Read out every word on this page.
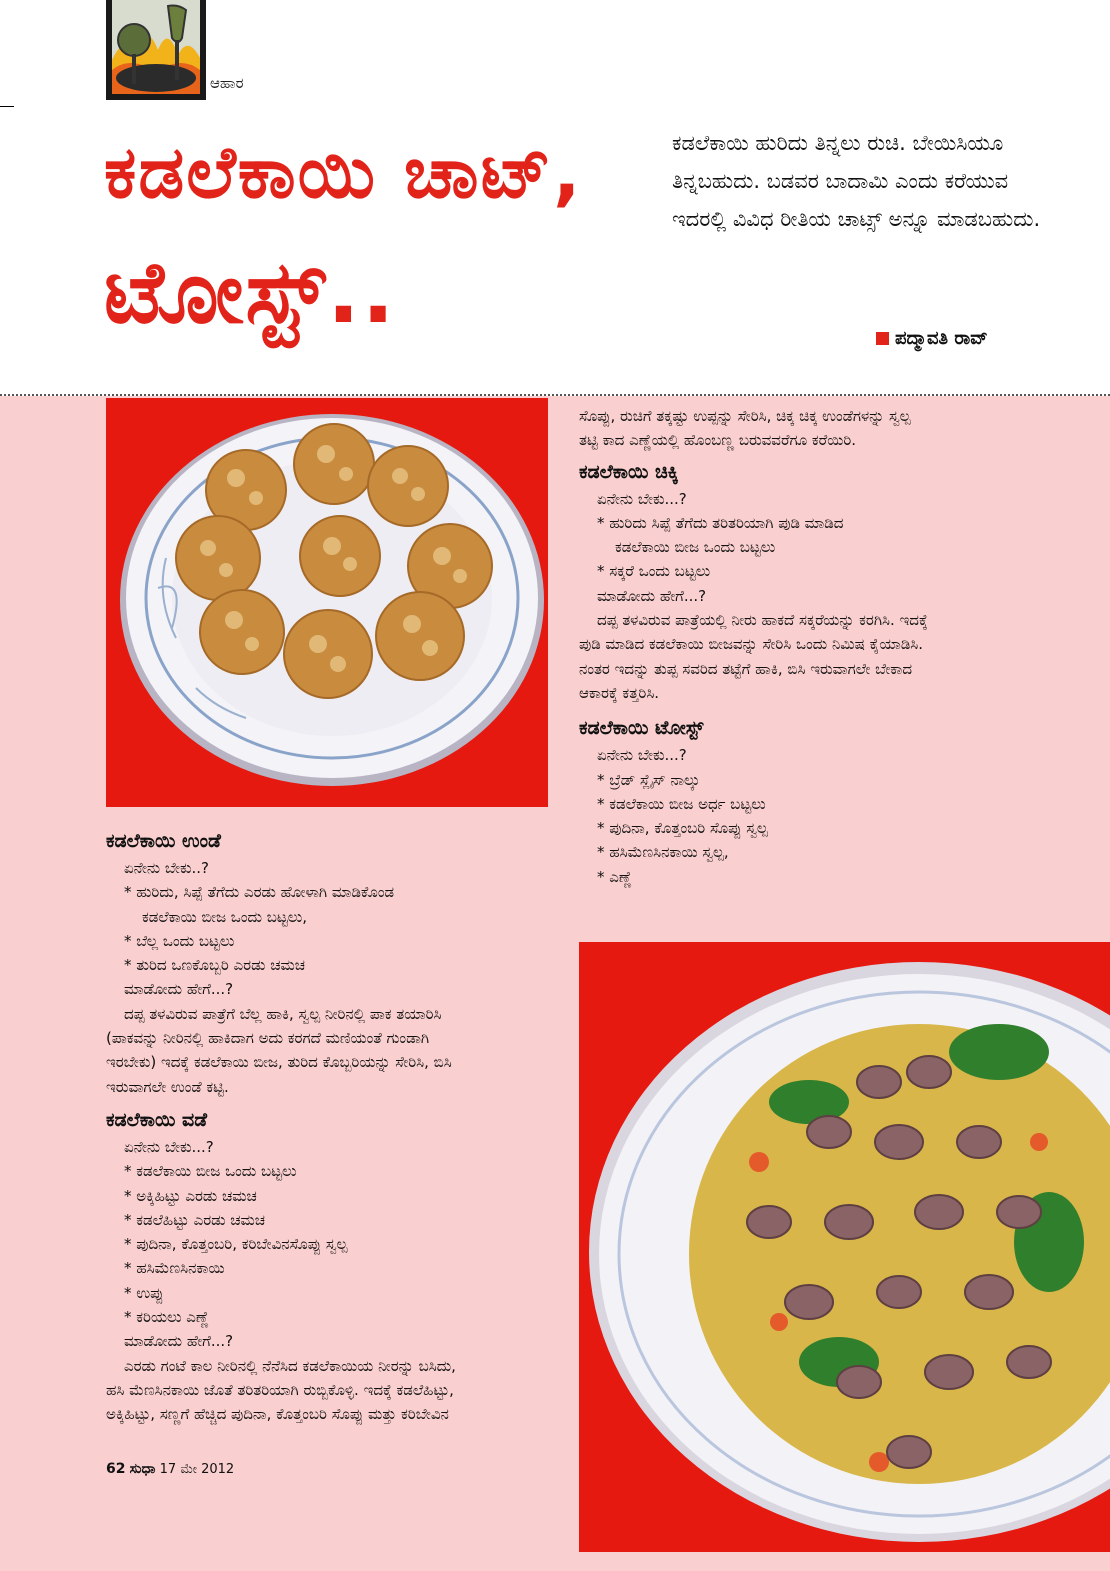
ಆಹಾರ
ಕಡಲೆಕಾಯಿ ಚಾಟ್,
ಟೋಸ್ಟ್..
ಕಡಲೆಕಾಯಿ ಹುರಿದು ತಿನ್ನಲು ರುಚಿ. ಬೇಯಿಸಿಯೂ ತಿನ್ನಬಹುದು. ಬಡವರ ಬಾದಾಮಿ ಎಂದು ಕರೆಯುವ ಇದರಲ್ಲಿ ವಿವಿಧ ರೀತಿಯ ಚಾಟ್ಸ್ ಅನ್ನೂ ಮಾಡಬಹುದು.
ಪದ್ಮಾವತಿ ರಾವ್
ಸೊಪ್ಪು, ರುಚಿಗೆ ತಕ್ಕಷ್ಟು ಉಪ್ಪನ್ನು ಸೇರಿಸಿ, ಚಿಕ್ಕ ಚಿಕ್ಕ ಉಂಡೆಗಳನ್ನು ಸ್ವಲ್ಪ
ತಟ್ಟಿ ಕಾದ ಎಣ್ಣೆಯಲ್ಲಿ ಹೊಂಬಣ್ಣ ಬರುವವರೆಗೂ ಕರೆಯಿರಿ.
ಕಡಲೆಕಾಯಿ ಚಿಕ್ಕಿ
ಏನೇನು ಬೇಕು...?
* ಹುರಿದು ಸಿಪ್ಪೆ ತೆಗೆದು ತರಿತರಿಯಾಗಿ ಪುಡಿ ಮಾಡಿದ
ಕಡಲೆಕಾಯಿ ಬೀಜ ಒಂದು ಬಟ್ಟಲು
* ಸಕ್ಕರೆ ಒಂದು ಬಟ್ಟಲು
ಮಾಡೋದು ಹೇಗೆ...?
ದಪ್ಪ ತಳವಿರುವ ಪಾತ್ರೆಯಲ್ಲಿ ನೀರು ಹಾಕದೆ ಸಕ್ಕರೆಯನ್ನು ಕರಗಿಸಿ. ಇದಕ್ಕೆ
ಪುಡಿ ಮಾಡಿದ ಕಡಲೆಕಾಯಿ ಬೀಜವನ್ನು ಸೇರಿಸಿ ಒಂದು ನಿಮಿಷ ಕೈಯಾಡಿಸಿ.
ನಂತರ ಇದನ್ನು ತುಪ್ಪ ಸವರಿದ ತಟ್ಟೆಗೆ ಹಾಕಿ, ಬಿಸಿ ಇರುವಾಗಲೇ ಬೇಕಾದ
ಆಕಾರಕ್ಕೆ ಕತ್ತರಿಸಿ.
ಕಡಲೆಕಾಯಿ ಟೋಸ್ಟ್
ಏನೇನು ಬೇಕು...?
* ಬ್ರೆಡ್ ಸ್ಲೈಸ್ ನಾಲ್ಕು
* ಕಡಲೆಕಾಯಿ ಬೀಜ ಅರ್ಧ ಬಟ್ಟಲು
* ಪುದಿನಾ, ಕೊತ್ತಂಬರಿ ಸೊಪ್ಪು ಸ್ವಲ್ಪ
* ಹಸಿಮೆಣಸಿನಕಾಯಿ ಸ್ವಲ್ಪ,
* ಎಣ್ಣೆ
ಕಡಲೆಕಾಯಿ ಉಂಡೆ
ಏನೇನು ಬೇಕು..?
* ಹುರಿದು, ಸಿಪ್ಪೆ ತೆಗೆದು ಎರಡು ಹೋಳಾಗಿ ಮಾಡಿಕೊಂಡ
ಕಡಲೆಕಾಯಿ ಬೀಜ ಒಂದು ಬಟ್ಟಲು,
* ಬೆಲ್ಲ ಒಂದು ಬಟ್ಟಲು
* ತುರಿದ ಒಣಕೊಬ್ಬರಿ ಎರಡು ಚಮಚ
ಮಾಡೋದು ಹೇಗೆ...?
ದಪ್ಪ ತಳವಿರುವ ಪಾತ್ರೆಗೆ ಬೆಲ್ಲ ಹಾಕಿ, ಸ್ವಲ್ಪ ನೀರಿನಲ್ಲಿ ಪಾಕ ತಯಾರಿಸಿ
(ಪಾಕವನ್ನು ನೀರಿನಲ್ಲಿ ಹಾಕಿದಾಗ ಅದು ಕರಗದೆ ಮಣಿಯಂತೆ ಗುಂಡಾಗಿ
ಇರಬೇಕು) ಇದಕ್ಕೆ ಕಡಲೆಕಾಯಿ ಬೀಜ, ತುರಿದ ಕೊಬ್ಬರಿಯನ್ನು ಸೇರಿಸಿ, ಬಿಸಿ
ಇರುವಾಗಲೇ ಉಂಡೆ ಕಟ್ಟಿ.
ಕಡಲೆಕಾಯಿ ವಡೆ
ಏನೇನು ಬೇಕು...?
* ಕಡಲೆಕಾಯಿ ಬೀಜ ಒಂದು ಬಟ್ಟಲು
* ಅಕ್ಕಿಹಿಟ್ಟು ಎರಡು ಚಮಚ
* ಕಡಲೆಹಿಟ್ಟು ಎರಡು ಚಮಚ
* ಪುದಿನಾ, ಕೊತ್ತಂಬರಿ, ಕರಿಬೇವಿನಸೊಪ್ಪು ಸ್ವಲ್ಪ
* ಹಸಿಮೆಣಸಿನಕಾಯಿ
* ಉಪ್ಪು
* ಕರಿಯಲು ಎಣ್ಣೆ
ಮಾಡೋದು ಹೇಗೆ...?
ಎರಡು ಗಂಟೆ ಕಾಲ ನೀರಿನಲ್ಲಿ ನೆನೆಸಿದ ಕಡಲೆಕಾಯಿಯ ನೀರನ್ನು ಬಸಿದು,
ಹಸಿ ಮೆಣಸಿನಕಾಯಿ ಜೊತೆ ತರಿತರಿಯಾಗಿ ರುಬ್ಬಿಕೊಳ್ಳಿ. ಇದಕ್ಕೆ ಕಡಲೆಹಿಟ್ಟು,
ಅಕ್ಕಿಹಿಟ್ಟು, ಸಣ್ಣಗೆ ಹೆಚ್ಚಿದ ಪುದಿನಾ, ಕೊತ್ತಂಬರಿ ಸೊಪ್ಪು ಮತ್ತು ಕರಿಬೇವಿನ
62 ಸುಧಾ 17 ಮೇ 2012
